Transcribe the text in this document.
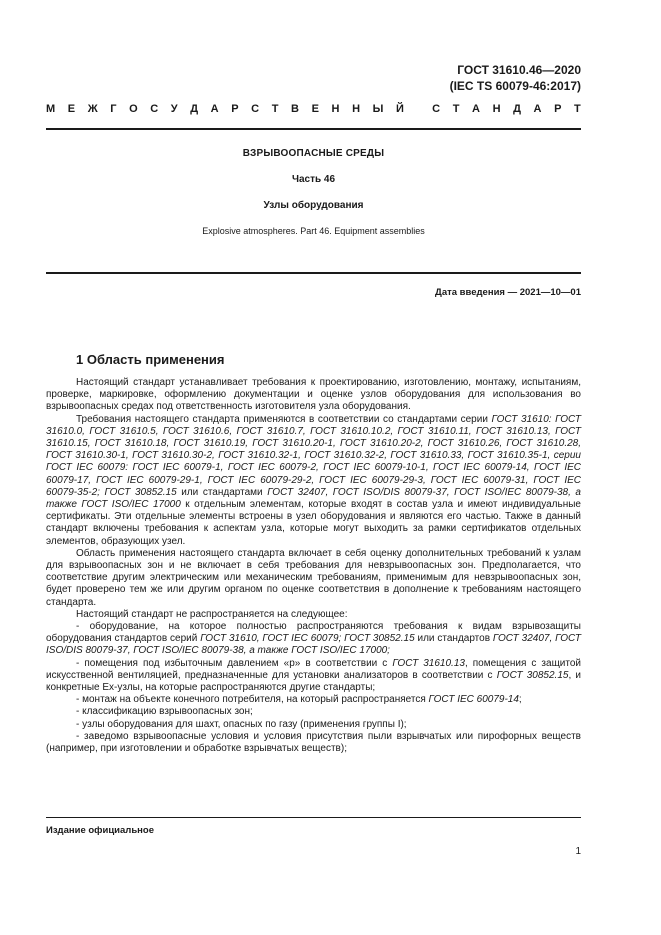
ГОСТ 31610.46—2020
(IEC TS 60079-46:2017)
М Е Ж Г О С У Д А Р С Т В Е Н Н Ы Й
	С Т А Н Д А Р Т
ВЗРЫВООПАСНЫЕ СРЕДЫ
Часть 46
Узлы оборудования
Explosive atmospheres. Part 46. Equipment assemblies
Дата введения — 2021—10—01
1 Область применения

Настоящий стандарт устанавливает требования к проектированию, изготовлению, монтажу, испытаниям, проверке, маркировке, оформлению документации и оценке узлов оборудования для использования во взрывоопасных средах под ответственность изготовителя узла оборудования.

Требования настоящего стандарта применяются в соответствии со стандартами серии ГОСТ 31610: ГОСТ 31610.0, ГОСТ 31610.5, ГОСТ 31610.6, ГОСТ 31610.7, ГОСТ 31610.10.2, ГОСТ 31610.11, ГОСТ 31610.13, ГОСТ 31610.15, ГОСТ 31610.18, ГОСТ 31610.19, ГОСТ 31610.20-1, ГОСТ 31610.20-2, ГОСТ 31610.26, ГОСТ 31610.28, ГОСТ 31610.30-1, ГОСТ 31610.30-2, ГОСТ 31610.32-1, ГОСТ 31610.32-2, ГОСТ 31610.33, ГОСТ 31610.35-1, серии ГОСТ IEC 60079: ГОСТ IEC 60079-1, ГОСТ IEC 60079-2, ГОСТ IEC 60079-10-1, ГОСТ IEC 60079-14, ГОСТ IEC 60079-17, ГОСТ IEC 60079-29-1, ГОСТ IEC 60079-29-2, ГОСТ IEC 60079-29-3, ГОСТ IEC 60079-31, ГОСТ IEC 60079-35-2; ГОСТ 30852.15 или стандартами ГОСТ 32407, ГОСТ ISO/DIS 80079-37, ГОСТ ISO/IEC 80079-38, а также ГОСТ ISO/IEC 17000 к отдельным элементам, которые входят в состав узла и имеют индивидуальные сертификаты. Эти отдельные элементы встроены в узел оборудования и являются его частью. Также в данный стандарт включены требования к аспектам узла, которые могут выходить за рамки сертификатов отдельных элементов, образующих узел.

Область применения настоящего стандарта включает в себя оценку дополнительных требований к узлам для взрывоопасных зон и не включает в себя требования для невзрывоопасных зон. Предполагается, что соответствие другим электрическим или механическим требованиям, применимым для невзрывоопасных зон, будет проверено тем же или другим органом по оценке соответствия в дополнение к требованиям настоящего стандарта.

Настоящий стандарт не распространяется на следующее:

- оборудование, на которое полностью распространяются требования к видам взрывозащиты оборудования стандартов серий ГОСТ 31610, ГОСТ IEC 60079; ГОСТ 30852.15 или стандартов ГОСТ 32407, ГОСТ ISO/DIS 80079-37, ГОСТ ISO/IEC 80079-38, а также ГОСТ ISO/IEC 17000;

- помещения под избыточным давлением «р» в соответствии с ГОСТ 31610.13, помещения с защитой искусственной вентиляцией, предназначенные для установки анализаторов в соответствии с ГОСТ 30852.15, и конкретные Ex-узлы, на которые распространяются другие стандарты;

- монтаж на объекте конечного потребителя, на который распространяется ГОСТ IEC 60079-14;

- классификацию взрывоопасных зон;

- узлы оборудования для шахт, опасных по газу (применения группы I);

- заведомо взрывоопасные условия и условия присутствия пыли взрывчатых или пирофорных веществ (например, при изготовлении и обработке взрывчатых веществ);

Издание официальное
1
